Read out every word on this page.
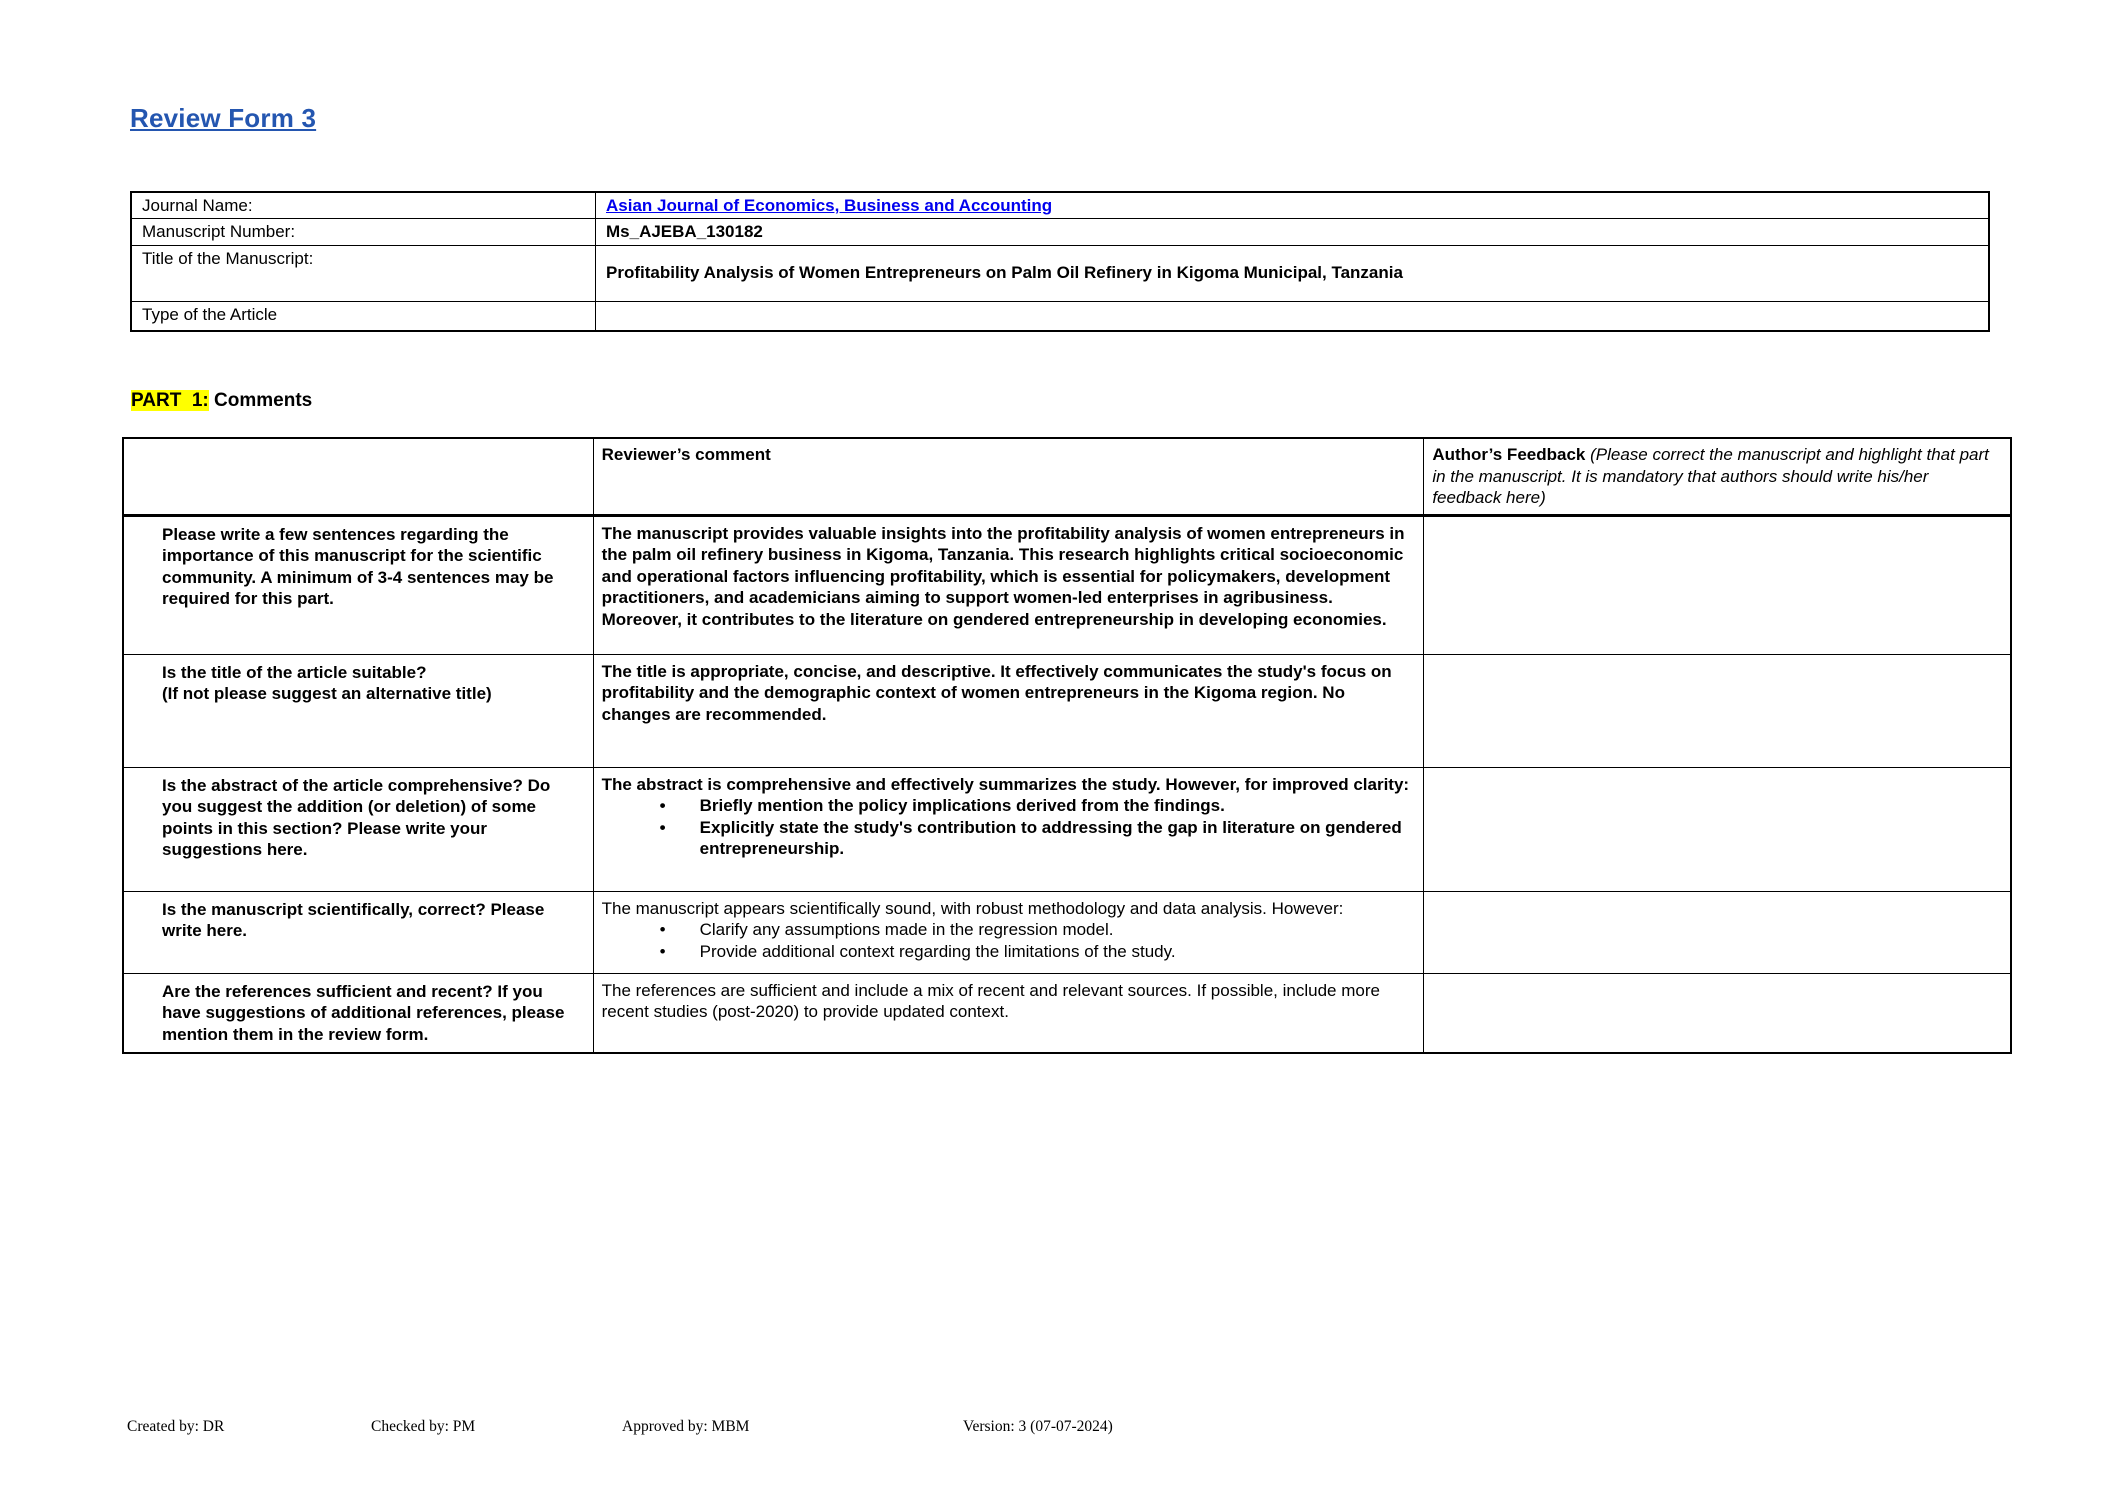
Review Form 3
Journal Name:	Asian Journal of Economics, Business and Accounting
Manuscript Number:	Ms_AJEBA_130182
Title of the Manuscript:	Profitability Analysis of Women Entrepreneurs on Palm Oil Refinery in Kigoma Municipal, Tanzania
Type of the Article	
PART  1: Comments
	Reviewer’s comment	Author’s Feedback (Please correct the manuscript and highlight that part in the manuscript. It is mandatory that authors should write his/her feedback here)

Please write a few sentences regarding the importance of this manuscript for the scientific community. A minimum of 3-4 sentences may be required for this part.	The manuscript provides valuable insights into the profitability analysis of women entrepreneurs in the palm oil refinery business in Kigoma, Tanzania. This research highlights critical socioeconomic and operational factors influencing profitability, which is essential for policymakers, development practitioners, and academicians aiming to support women-led enterprises in agribusiness. Moreover, it contributes to the literature on gendered entrepreneurship in developing economies.	

Is the title of the article suitable?
(If not please suggest an alternative title)	The title is appropriate, concise, and descriptive. It effectively communicates the study's focus on profitability and the demographic context of women entrepreneurs in the Kigoma region. No changes are recommended.	

Is the abstract of the article comprehensive? Do you suggest the addition (or deletion) of some points in this section? Please write your suggestions here.	The abstract is comprehensive and effectively summarizes the study. However, for improved clarity:
• Briefly mention the policy implications derived from the findings.
• Explicitly state the study's contribution to addressing the gap in literature on gendered entrepreneurship.	

Is the manuscript scientifically, correct? Please write here.	The manuscript appears scientifically sound, with robust methodology and data analysis. However:
• Clarify any assumptions made in the regression model.
• Provide additional context regarding the limitations of the study.	

Are the references sufficient and recent? If you have suggestions of additional references, please mention them in the review form.	The references are sufficient and include a mix of recent and relevant sources. If possible, include more recent studies (post-2020) to provide updated context.	

Created by: DR	Checked by: PM	Approved by: MBM	Version: 3 (07-07-2024)
